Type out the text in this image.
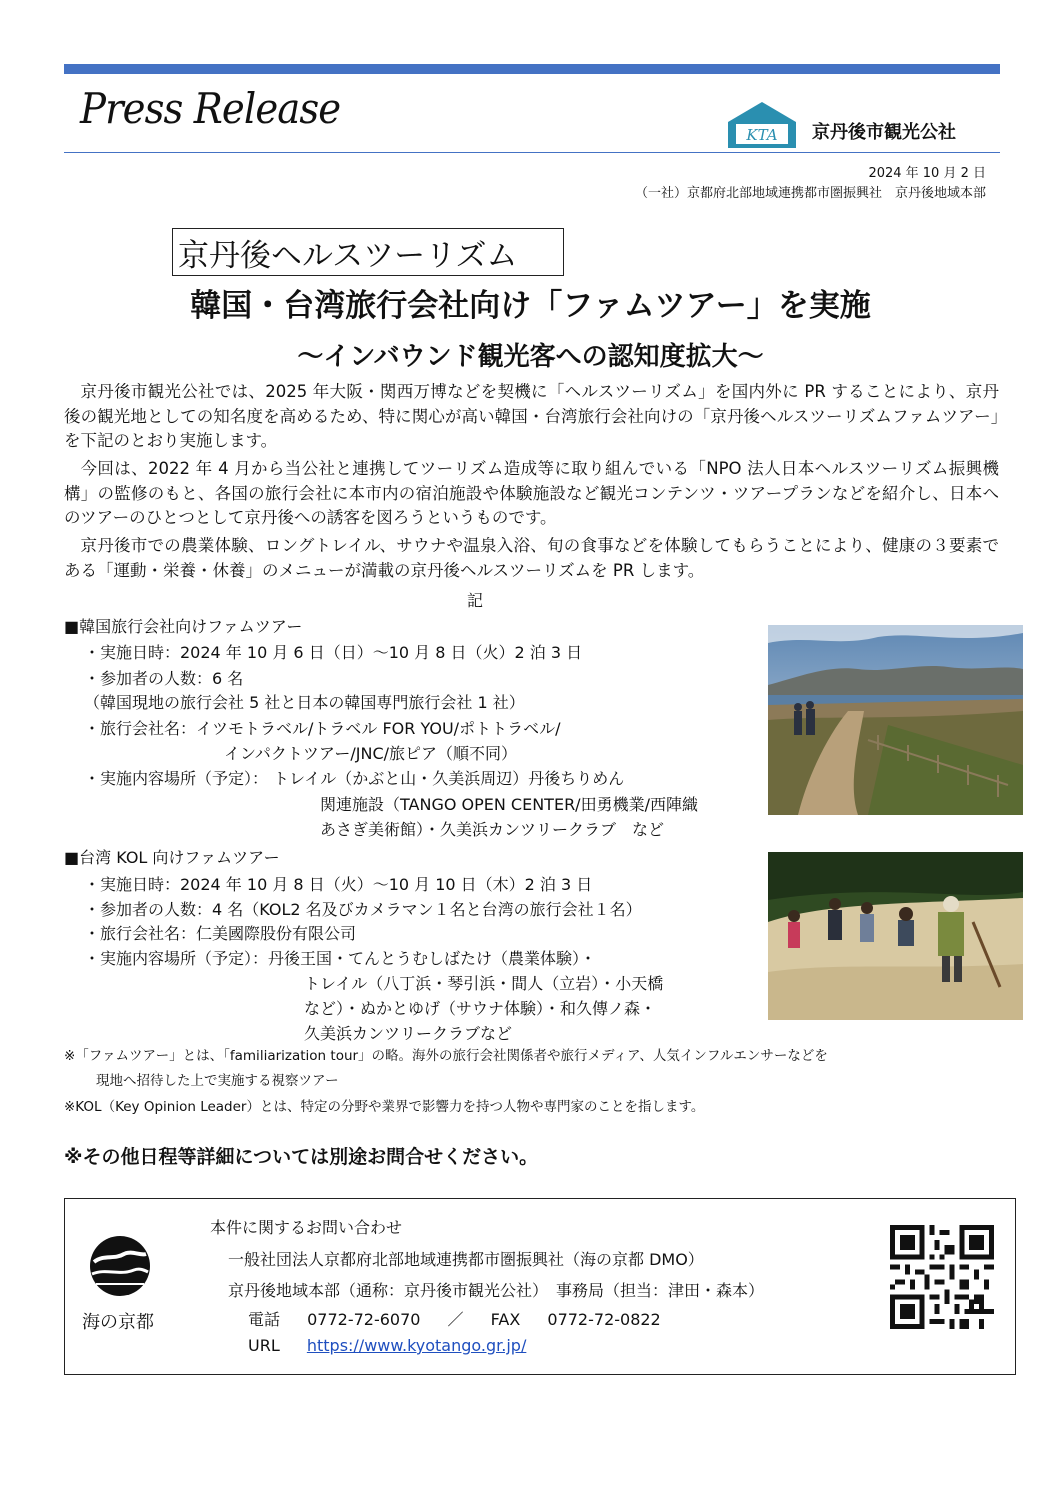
Press Release
KTA 京丹後市観光公社
2024 年 10 月 2 日
（一社）京都府北部地域連携都市圏振興社　京丹後地域本部
京丹後ヘルスツーリズム
韓国・台湾旅行会社向け「ファムツアー」を実施
～インバウンド観光客への認知度拡大～
京丹後市観光公社では、2025 年大阪・関西万博などを契機に「ヘルスツーリズム」を国内外に PR することにより、京丹後の観光地としての知名度を高めるため、特に関心が高い韓国・台湾旅行会社向けの「京丹後ヘルスツーリズムファムツアー」を下記のとおり実施します。
今回は、2022 年 4 月から当公社と連携してツーリズム造成等に取り組んでいる「NPO 法人日本ヘルスツーリズム振興機構」の監修のもと、各国の旅行会社に本市内の宿泊施設や体験施設など観光コンテンツ・ツアープランなどを紹介し、日本へのツアーのひとつとして京丹後への誘客を図ろうというものです。
京丹後市での農業体験、ロングトレイル、サウナや温泉入浴、旬の食事などを体験してもらうことにより、健康の３要素である「運動・栄養・休養」のメニューが満載の京丹後ヘルスツーリズムを PR します。
記
■韓国旅行会社向けファムツアー
・実施日時：2024 年 10 月 6 日（日）～10 月 8 日（火）2 泊 3 日
・参加者の人数：6 名
（韓国現地の旅行会社 5 社と日本の韓国専門旅行会社 1 社）
・旅行会社名：イツモトラベル/トラベル FOR YOU/ポトトラベル/
インパクトツアー/JNC/旅ピア（順不同）
・実施内容場所（予定）： トレイル（かぶと山・久美浜周辺）丹後ちりめん
関連施設（TANGO OPEN CENTER/田勇機業/西陣織
あさぎ美術館）・久美浜カンツリークラブ　など
■台湾 KOL 向けファムツアー
・実施日時：2024 年 10 月 8 日（火）～10 月 10 日（木）2 泊 3 日
・参加者の人数：4 名（KOL2 名及びカメラマン１名と台湾の旅行会社１名）
・旅行会社名：仁美國際股份有限公司
・実施内容場所（予定）：丹後王国・てんとうむしばたけ（農業体験）・
トレイル（八丁浜・琴引浜・間人（立岩）・小天橋
など）・ぬかとゆげ（サウナ体験）・和久傳ノ森・
久美浜カンツリークラブなど
※「ファムツアー」とは、「familiarization tour」の略。海外の旅行会社関係者や旅行メディア、人気インフルエンサーなどを
現地へ招待した上で実施する視察ツアー
※KOL（Key Opinion Leader）とは、特定の分野や業界で影響力を持つ人物や専門家のことを指します。
※その他日程等詳細については別途お問合せください。
本件に関するお問い合わせ
一般社団法人京都府北部地域連携都市圏振興社（海の京都 DMO）
京丹後地域本部（通称：京丹後市観光公社）　事務局（担当：津田・森本）
電話 0772-72-6070 ／ FAX 0772-72-0822
URL https://www.kyotango.gr.jp/
海の京都
